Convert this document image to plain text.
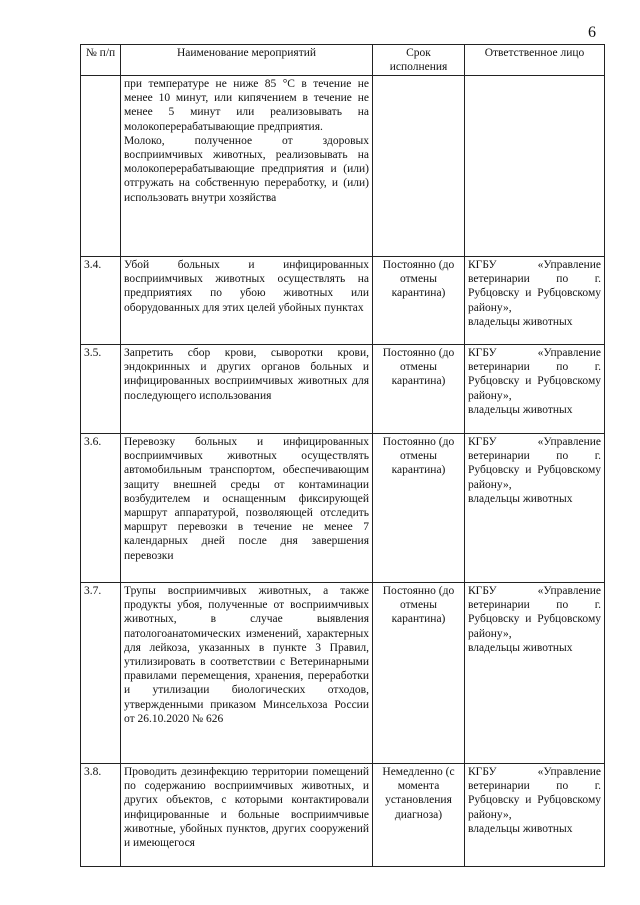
6
№ п/п	Наименование мероприятий	Срок исполнения	Ответственное лицо

	при температуре не ниже 85 °С в течение не менее 10 минут, или кипячением в течение не менее 5 минут или реализовывать на молокоперерабатывающие предприятия.
Молоко, полученное от здоровых восприимчивых животных, реализовывать на молокоперерабатывающие предприятия и (или) отгружать на собственную переработку, и (или) использовать внутри хозяйства		

3.4.	Убой больных и инфицированных восприимчивых животных осуществлять на предприятиях по убою животных или оборудованных для этих целей убойных пунктах	Постоянно (до отмены карантина)	КГБУ «Управление ветеринарии по г. Рубцовску и Рубцовскому району»,
владельцы животных

3.5.	Запретить сбор крови, сыворотки крови, эндокринных и других органов больных и инфицированных восприимчивых животных для последующего использования	Постоянно (до отмены карантина)	КГБУ «Управление ветеринарии по г. Рубцовску и Рубцовскому району»,
владельцы животных

3.6.	Перевозку больных и инфицированных восприимчивых животных осуществлять автомобильным транспортом, обеспечивающим защиту внешней среды от контаминации возбудителем и оснащенным фиксирующей маршрут аппаратурой, позволяющей отследить маршрут перевозки в течение не менее 7 календарных дней после дня завершения перевозки	Постоянно (до отмены карантина)	КГБУ «Управление ветеринарии по г. Рубцовску и Рубцовскому району»,
владельцы животных

3.7.	Трупы восприимчивых животных, а также продукты убоя, полученные от восприимчивых животных, в случае выявления патологоанатомических изменений, характерных для лейкоза, указанных в пункте 3 Правил, утилизировать в соответствии с Ветеринарными правилами перемещения, хранения, переработки и утилизации биологических отходов, утвержденными приказом Минсельхоза России от 26.10.2020 № 626	Постоянно (до отмены карантина)	КГБУ «Управление ветеринарии по г. Рубцовску и Рубцовскому району»,
владельцы животных

3.8.	Проводить дезинфекцию территории помещений по содержанию восприимчивых животных, и других объектов, с которыми контактировали инфицированные и больные восприимчивые животные, убойных пунктов, других сооружений и имеющегося	Немедленно (с момента установления диагноза)	КГБУ «Управление ветеринарии по г. Рубцовску и Рубцовскому району»,
владельцы животных
